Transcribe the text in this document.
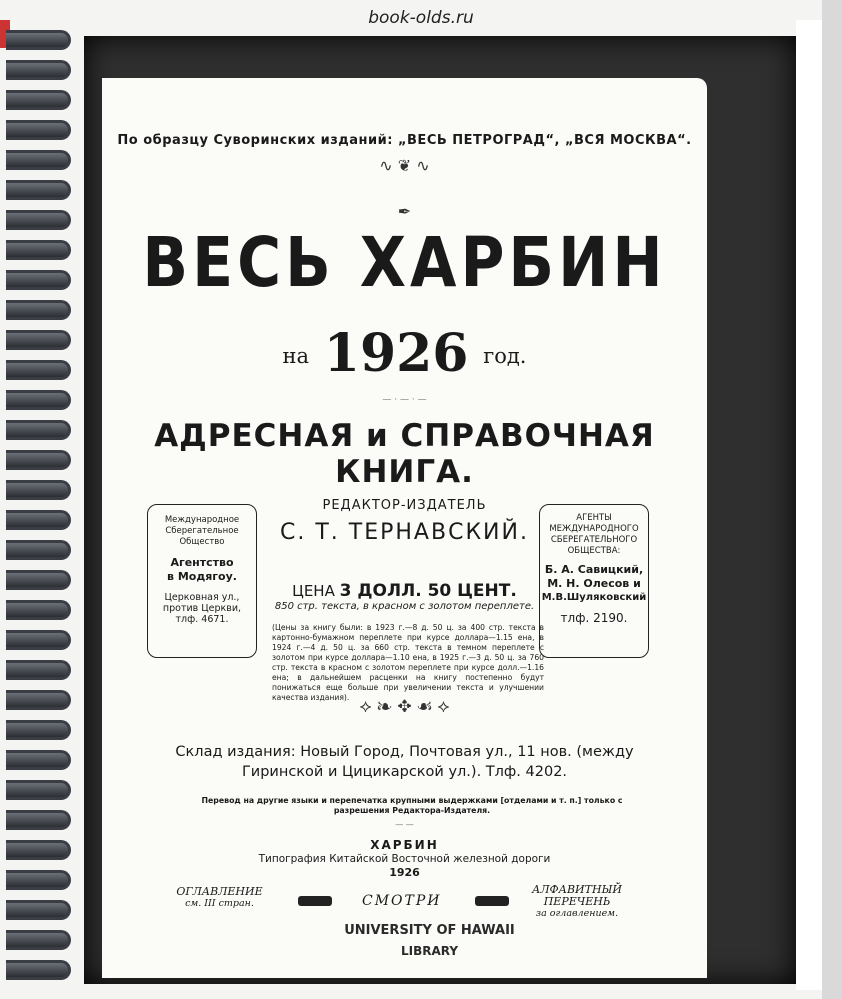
book-olds.ru
По образцу Суворинских изданий: „ВЕСЬ ПЕТРОГРАД“, „ВСЯ МОСКВА“.
∿ ❦ ∿
✒
ВЕСЬ ХАРБИН
на 1926 год.
— · — · —
АДРЕСНАЯ и СПРАВОЧНАЯ КНИГА.
РЕДАКТОР-ИЗДАТЕЛЬ
С. Т. ТЕРНАВСКИЙ.
ЦЕНА 3 ДОЛЛ. 50 ЦЕНТ.
850 стр. текста, в красном с золотом переплете.
(Цены за книгу были: в 1923 г.—8 д. 50 ц. за 400 стр. текста в картонно-бумажном переплете при курсе доллара—1.15 ена, в 1924 г.—4 д. 50 ц. за 660 стр. текста в темном переплете с золотом при курсе доллара—1.10 ена, в 1925 г.—3 д. 50 ц. за 760 стр. текста в красном с золотом переплете при курсе долл.—1.16 ена; в дальнейшем расценки на книгу постепенно будут понижаться еще больше при увеличении текста и улучшении качества издания).
Международное
Сберегательное
Общество
Агентство
в Модягоу.
Церковная ул.,
против Церкви,
тлф. 4671.
АГЕНТЫ
МЕЖДУНАРОДНОГО
СБЕРЕГАТЕЛЬНОГО
ОБЩЕСТВА:
Б. А. Савицкий,
М. Н. Олесов и
М.В.Шуляковский
тлф. 2190.
⟡ ❧ ✥ ☙ ⟡
Склад издания: Новый Город, Почтовая ул., 11 нов. (между Гиринской и Цицикарской ул.). Тлф. 4202.
Перевод на другие языки и перепечатка крупными выдержками [отделами и т. п.] только с разрешения Редактора-Издателя.
— —
ХАРБИН
Типография Китайской Восточной железной дороги
1926
ОГЛАВЛЕНИЕ
см. III стран.	СМОТРИ
АЛФАВИТНЫЙ
ПЕРЕЧЕНЬ
за оглавлением.
UNIVERSITY OF HAWAII
LIBRARY
